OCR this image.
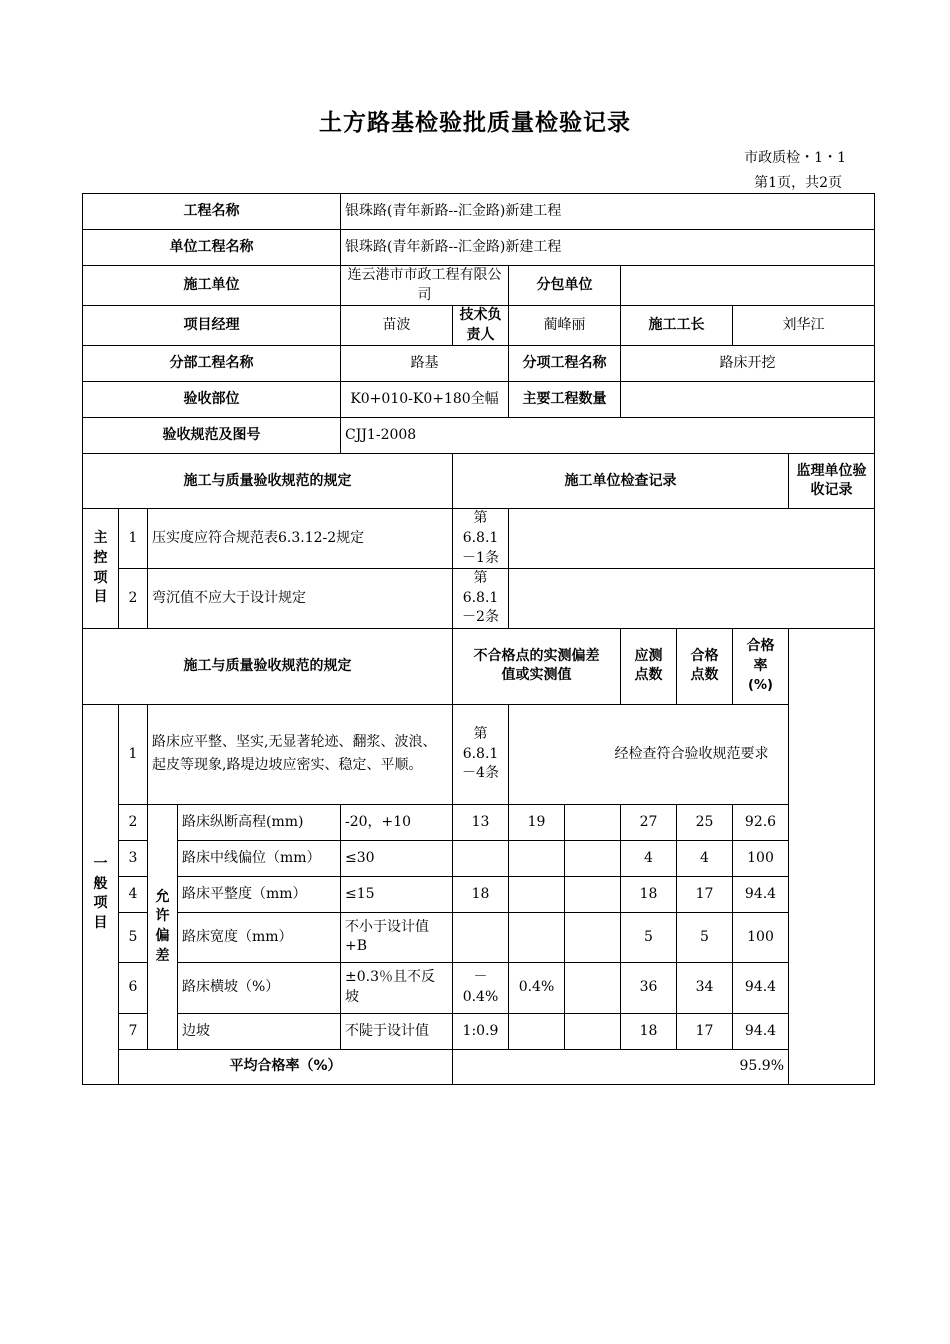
土方路基检验批质量检验记录
市政质检・1・1
第1页，共2页
工程名称				银珠路(青年新路--汇金路)新建工程								
单位工程名称				银珠路(青年新路--汇金路)新建工程								
施工单位				连云港市市政工程有限公司		分包单位						
项目经理				苗波	技术负责人	蔺峰丽		施工工长		刘华江		
分部工程名称				路基		分项工程名称		路床开挖				
验收部位				K0+010-K0+180全幅		主要工程数量						
验收规范及图号				CJJ1-2008								
施工与质量验收规范的规定					施工单位检查记录						监理单位验收记录	
主控项目	1	压实度应符合规范表6.3.12-2规定			第6.8.1－1条							
	2	弯沉值不应大于设计规定			第6.8.1－2条							
施工与质量验收规范的规定					不合格点的实测偏差值或实测值			应测点数	合格点数	合格率
(%)		
一般项目	1	路床应平整、坚实,无显著轮迹、翻浆、波浪、起皮等现象,路堤边坡应密实、稳定、平顺。			第6.8.1－4条	经检查符合验收规范要求						
	2	允许偏差	路床纵断高程(mm)	-20，+10	13	19		27	25	92.6		
	3		路床中线偏位（mm）	≤30				4	4	100		
	4		路床平整度（mm）	≤15	18			18	17	94.4		
	5		路床宽度（mm）	不小于设计值+B				5	5	100		
	6		路床横坡（%）	±0.3％且不反坡	－0.4%	0.4%		36	34	94.4		
	7		边坡	不陡于设计值	1:0.9			18	17	94.4		
	平均合格率（%）				95.9%							
